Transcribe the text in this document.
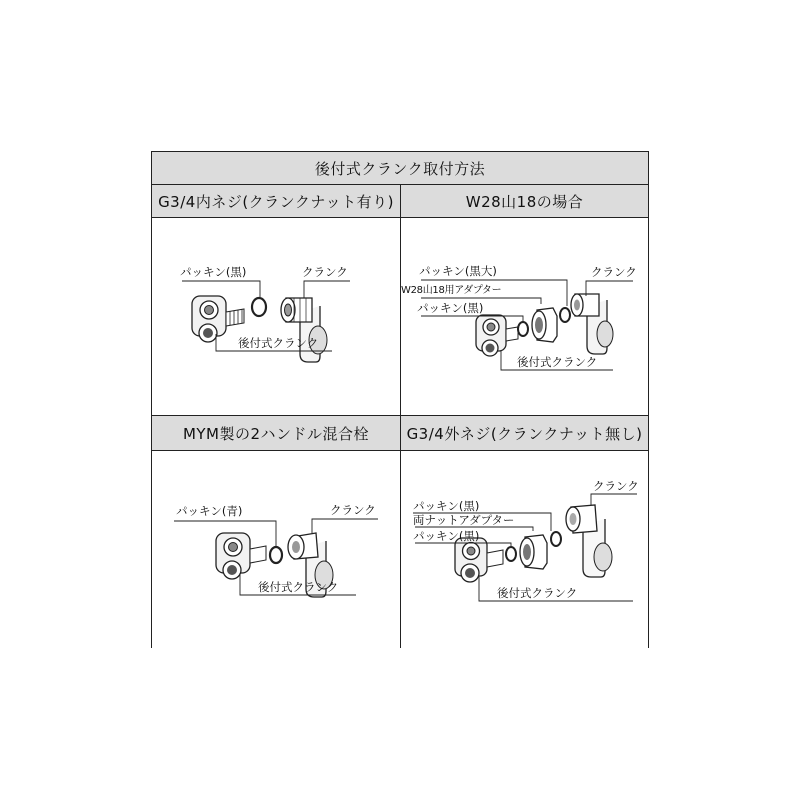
後付式クランク取付方法
G3/4内ネジ(クランクナット有り)	W28山18の場合
MYM製の2ハンドル混合栓	G3/4外ネジ(クランクナット無し)
パッキン(黒)	クランク
後付式クランク
パッキン(黒大)	クランク
W28山18用アダプター
パッキン(黒)
後付式クランク
パッキン(青)	クランク
後付式クランク
パッキン(黒)
クランク
両ナットアダプター
パッキン(黒)
後付式クランク
